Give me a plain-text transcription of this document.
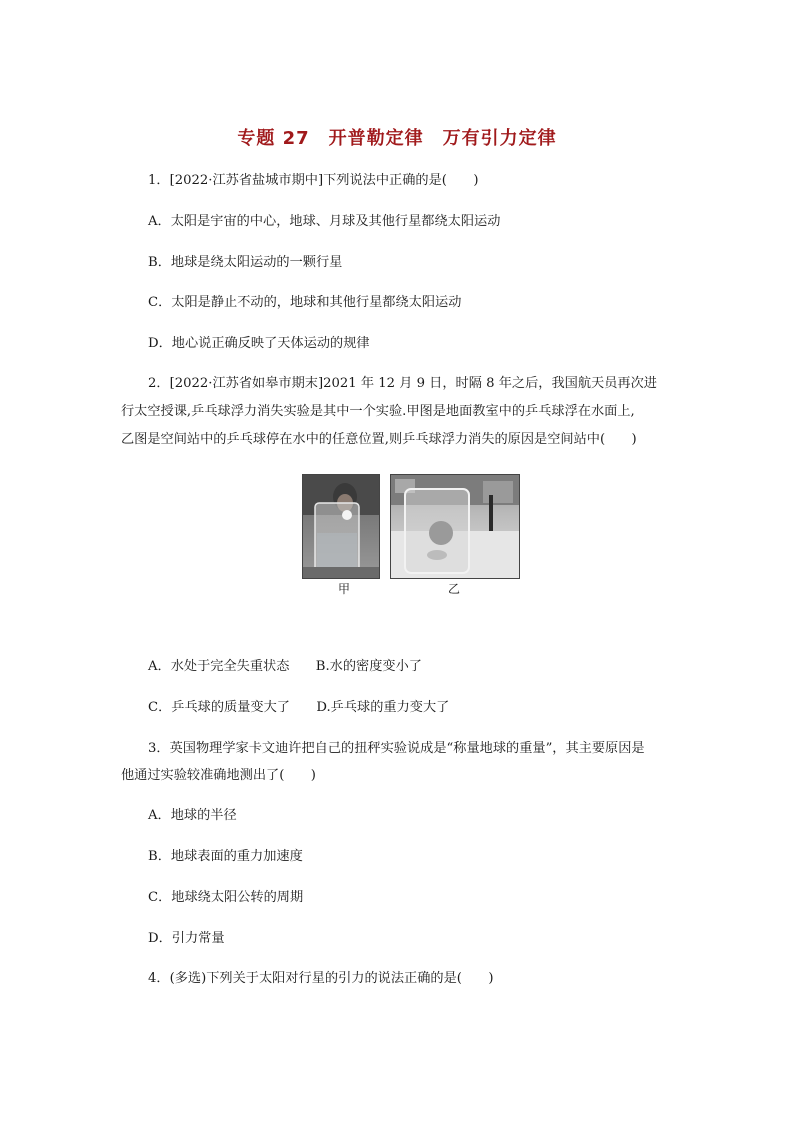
专题 27　开普勒定律　万有引力定律
1．[2022·江苏省盐城市期中]下列说法中正确的是(　　)
A．太阳是宇宙的中心，地球、月球及其他行星都绕太阳运动
B．地球是绕太阳运动的一颗行星
C．太阳是静止不动的，地球和其他行星都绕太阳运动
D．地心说正确反映了天体运动的规律
2．[2022·江苏省如皋市期末]2021 年 12 月 9 日，时隔 8 年之后，我国航天员再次进
行太空授课,乒乓球浮力消失实验是其中一个实验.甲图是地面教室中的乒乓球浮在水面上,
乙图是空间站中的乒乓球停在水中的任意位置,则乒乓球浮力消失的原因是空间站中(　　)
甲	乙
A．水处于完全失重状态　　B.水的密度变小了
C．乒乓球的质量变大了　　D.乒乓球的重力变大了
3．英国物理学家卡文迪许把自己的扭秤实验说成是“称量地球的重量”，其主要原因是
他通过实验较准确地测出了(　　)
A．地球的半径
B．地球表面的重力加速度
C．地球绕太阳公转的周期
D．引力常量
4．(多选)下列关于太阳对行星的引力的说法正确的是(　　)
